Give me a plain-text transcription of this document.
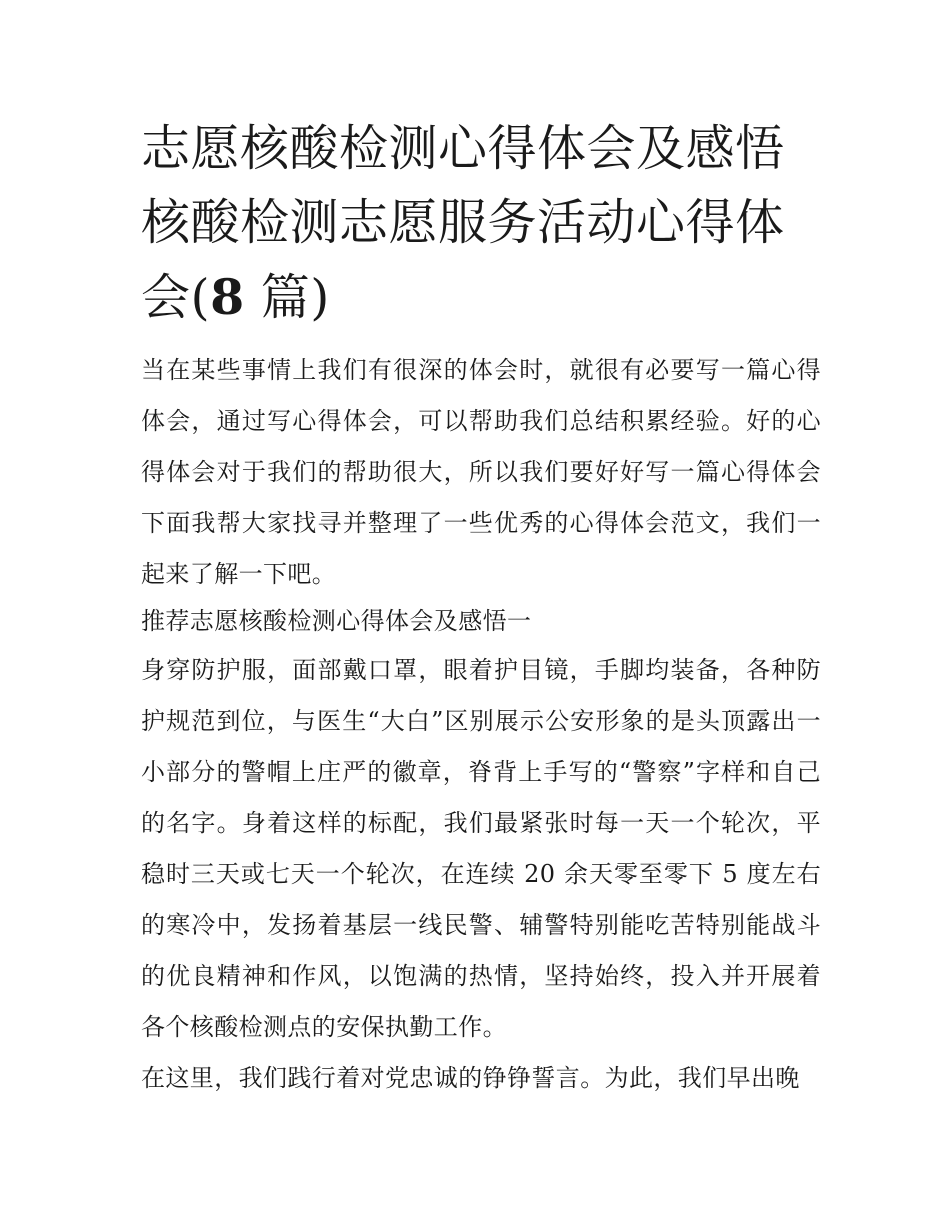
志愿核酸检测心得体会及感悟核酸检测志愿服务活动心得体会(8 篇)

当在某些事情上我们有很深的体会时，就很有必要写一篇心得体会，通过写心得体会，可以帮助我们总结积累经验。好的心得体会对于我们的帮助很大，所以我们要好好写一篇心得体会下面我帮大家找寻并整理了一些优秀的心得体会范文，我们一起来了解一下吧。

推荐志愿核酸检测心得体会及感悟一

身穿防护服，面部戴口罩，眼着护目镜，手脚均装备，各种防护规范到位，与医生“大白”区别展示公安形象的是头顶露出一小部分的警帽上庄严的徽章，脊背上手写的“警察”字样和自己的名字。身着这样的标配，我们最紧张时每一天一个轮次，平稳时三天或七天一个轮次，在连续 20 余天零至零下 5 度左右的寒冷中，发扬着基层一线民警、辅警特别能吃苦特别能战斗的优良精神和作风，以饱满的热情，坚持始终，投入并开展着各个核酸检测点的安保执勤工作。

在这里，我们践行着对党忠诚的铮铮誓言。为此，我们早出晚
